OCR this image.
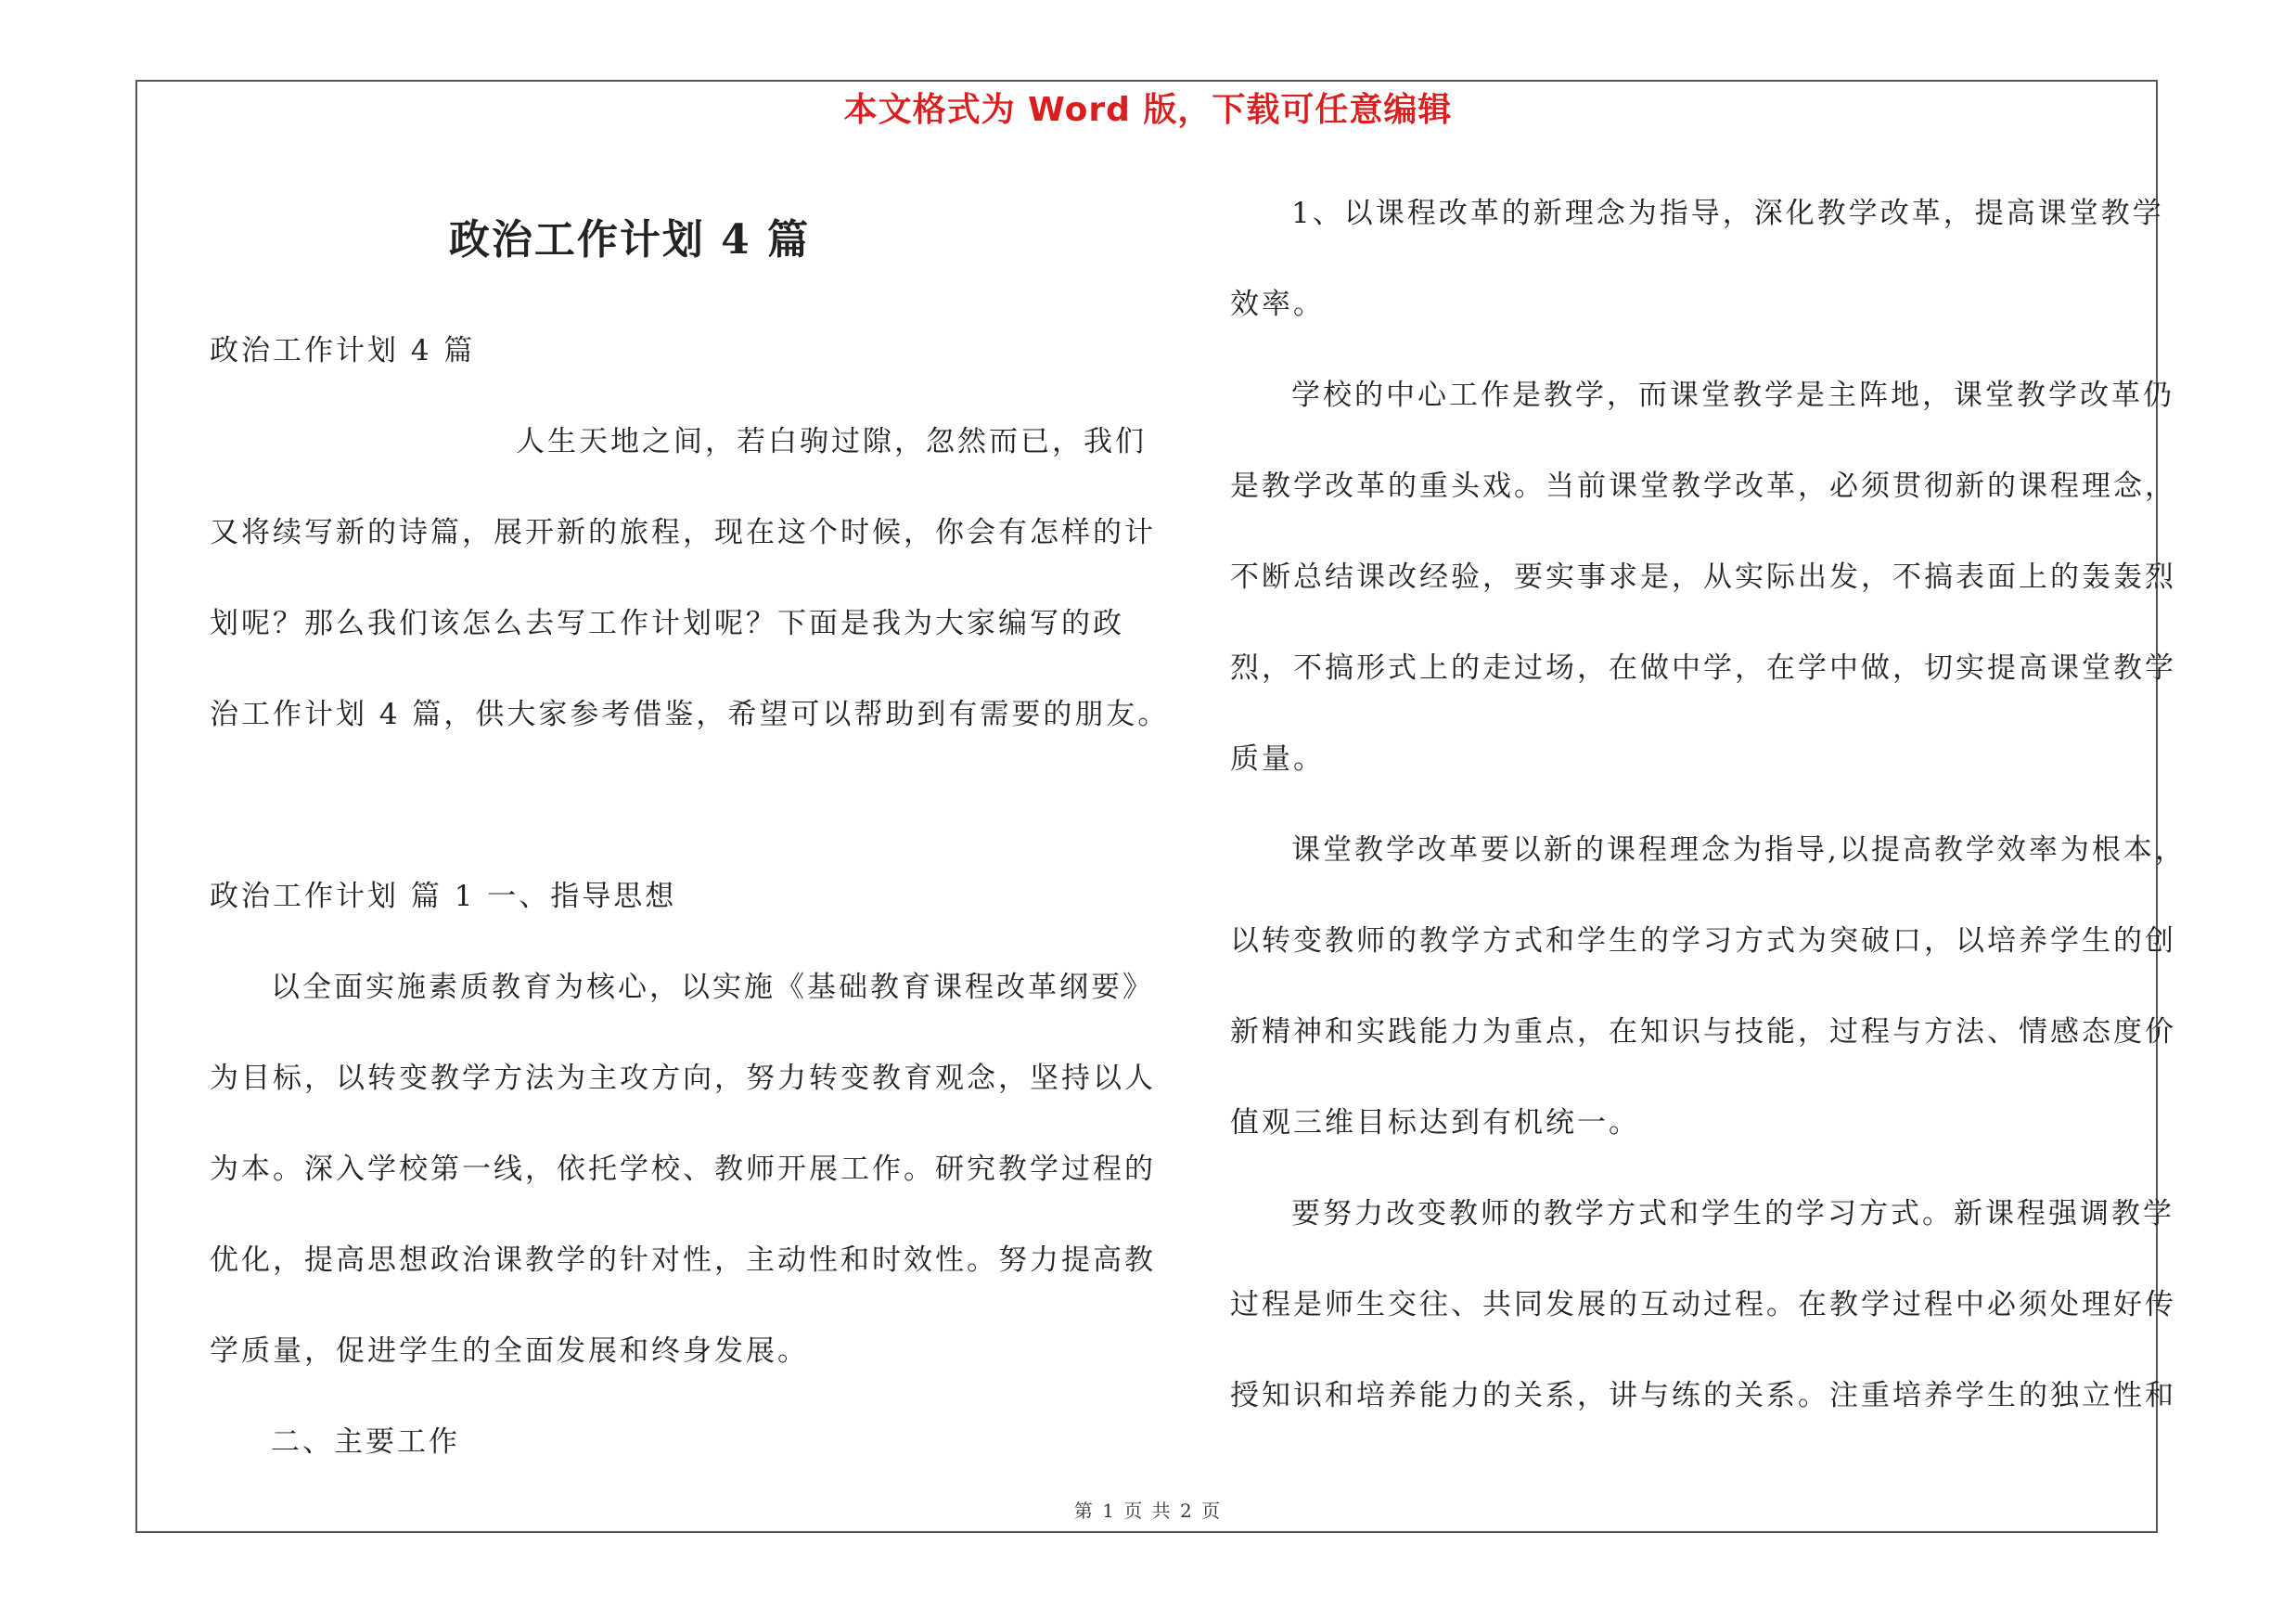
本文格式为 Word 版，下载可任意编辑
政治工作计划 4 篇
政治工作计划 4 篇
人生天地之间，若白驹过隙，忽然而已，我们
又将续写新的诗篇，展开新的旅程，现在这个时候，你会有怎样的计
划呢？那么我们该怎么去写工作计划呢？下面是我为大家编写的政
治工作计划 4 篇，供大家参考借鉴，希望可以帮助到有需要的朋友。
政治工作计划 篇 1 一、指导思想
以全面实施素质教育为核心，以实施《基础教育课程改革纲要》
为目标，以转变教学方法为主攻方向，努力转变教育观念，坚持以人
为本。深入学校第一线，依托学校、教师开展工作。研究教学过程的
优化，提高思想政治课教学的针对性，主动性和时效性。努力提高教
学质量，促进学生的全面发展和终身发展。
二、主要工作
1、以课程改革的新理念为指导，深化教学改革，提高课堂教学
效率。
学校的中心工作是教学，而课堂教学是主阵地，课堂教学改革仍
是教学改革的重头戏。当前课堂教学改革，必须贯彻新的课程理念，
不断总结课改经验，要实事求是，从实际出发，不搞表面上的轰轰烈
烈，不搞形式上的走过场，在做中学，在学中做，切实提高课堂教学
质量。
课堂教学改革要以新的课程理念为指导,以提高教学效率为根本，
以转变教师的教学方式和学生的学习方式为突破口，以培养学生的创
新精神和实践能力为重点，在知识与技能，过程与方法、情感态度价
值观三维目标达到有机统一。
要努力改变教师的教学方式和学生的学习方式。新课程强调教学
过程是师生交往、共同发展的互动过程。在教学过程中必须处理好传
授知识和培养能力的关系，讲与练的关系。注重培养学生的独立性和
第 1 页 共 2 页
